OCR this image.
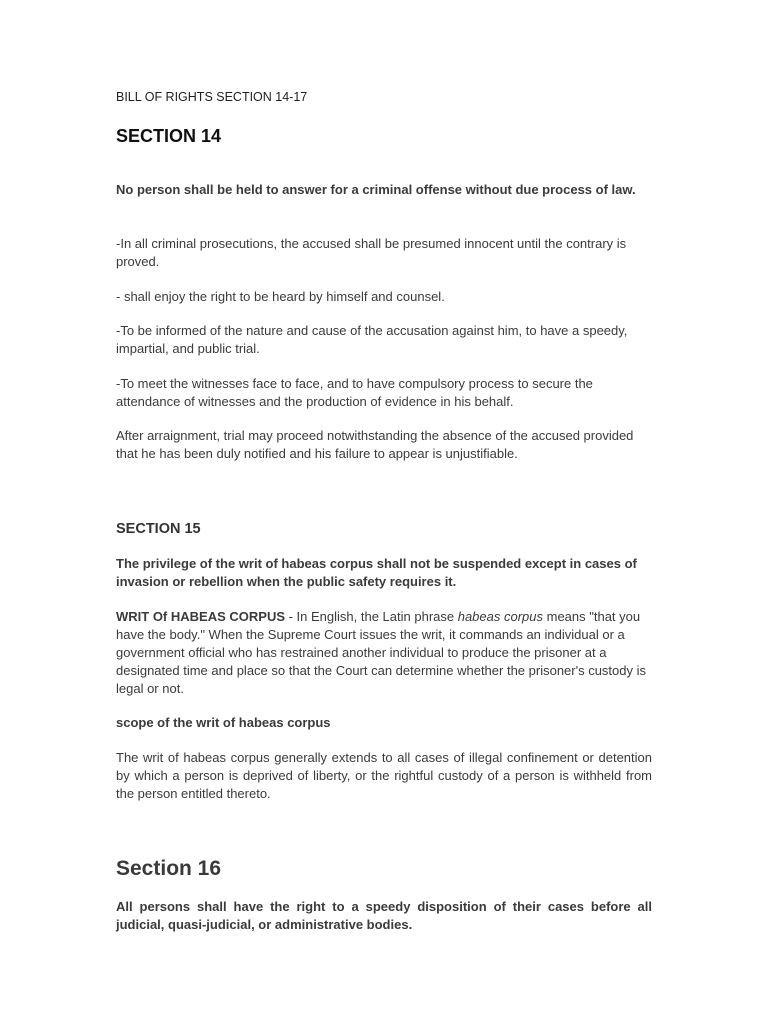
BILL OF RIGHTS SECTION 14-17

SECTION 14

No person shall be held to answer for a criminal offense without due process of law.

-In all criminal prosecutions, the accused shall be presumed innocent until the contrary is proved.

- shall enjoy the right to be heard by himself and counsel.

-To be informed of the nature and cause of the accusation against him, to have a speedy, impartial, and public trial.

-To meet the witnesses face to face, and to have compulsory process to secure the attendance of witnesses and the production of evidence in his behalf.

After arraignment, trial may proceed notwithstanding the absence of the accused provided that he has been duly notified and his failure to appear is unjustifiable.

SECTION 15

The privilege of the writ of habeas corpus shall not be suspended except in cases of invasion or rebellion when the public safety requires it.

WRIT Of HABEAS CORPUS - In English, the Latin phrase habeas corpus means "that you have the body." When the Supreme Court issues the writ, it commands an individual or a government official who has restrained another individual to produce the prisoner at a designated time and place so that the Court can determine whether the prisoner's custody is legal or not.

scope of the writ of habeas corpus

The writ of habeas corpus generally extends to all cases of illegal confinement or detention by which a person is deprived of liberty, or the rightful custody of a person is withheld from the person entitled thereto.

Section 16

All persons shall have the right to a speedy disposition of their cases before all judicial, quasi-judicial, or administrative bodies.
